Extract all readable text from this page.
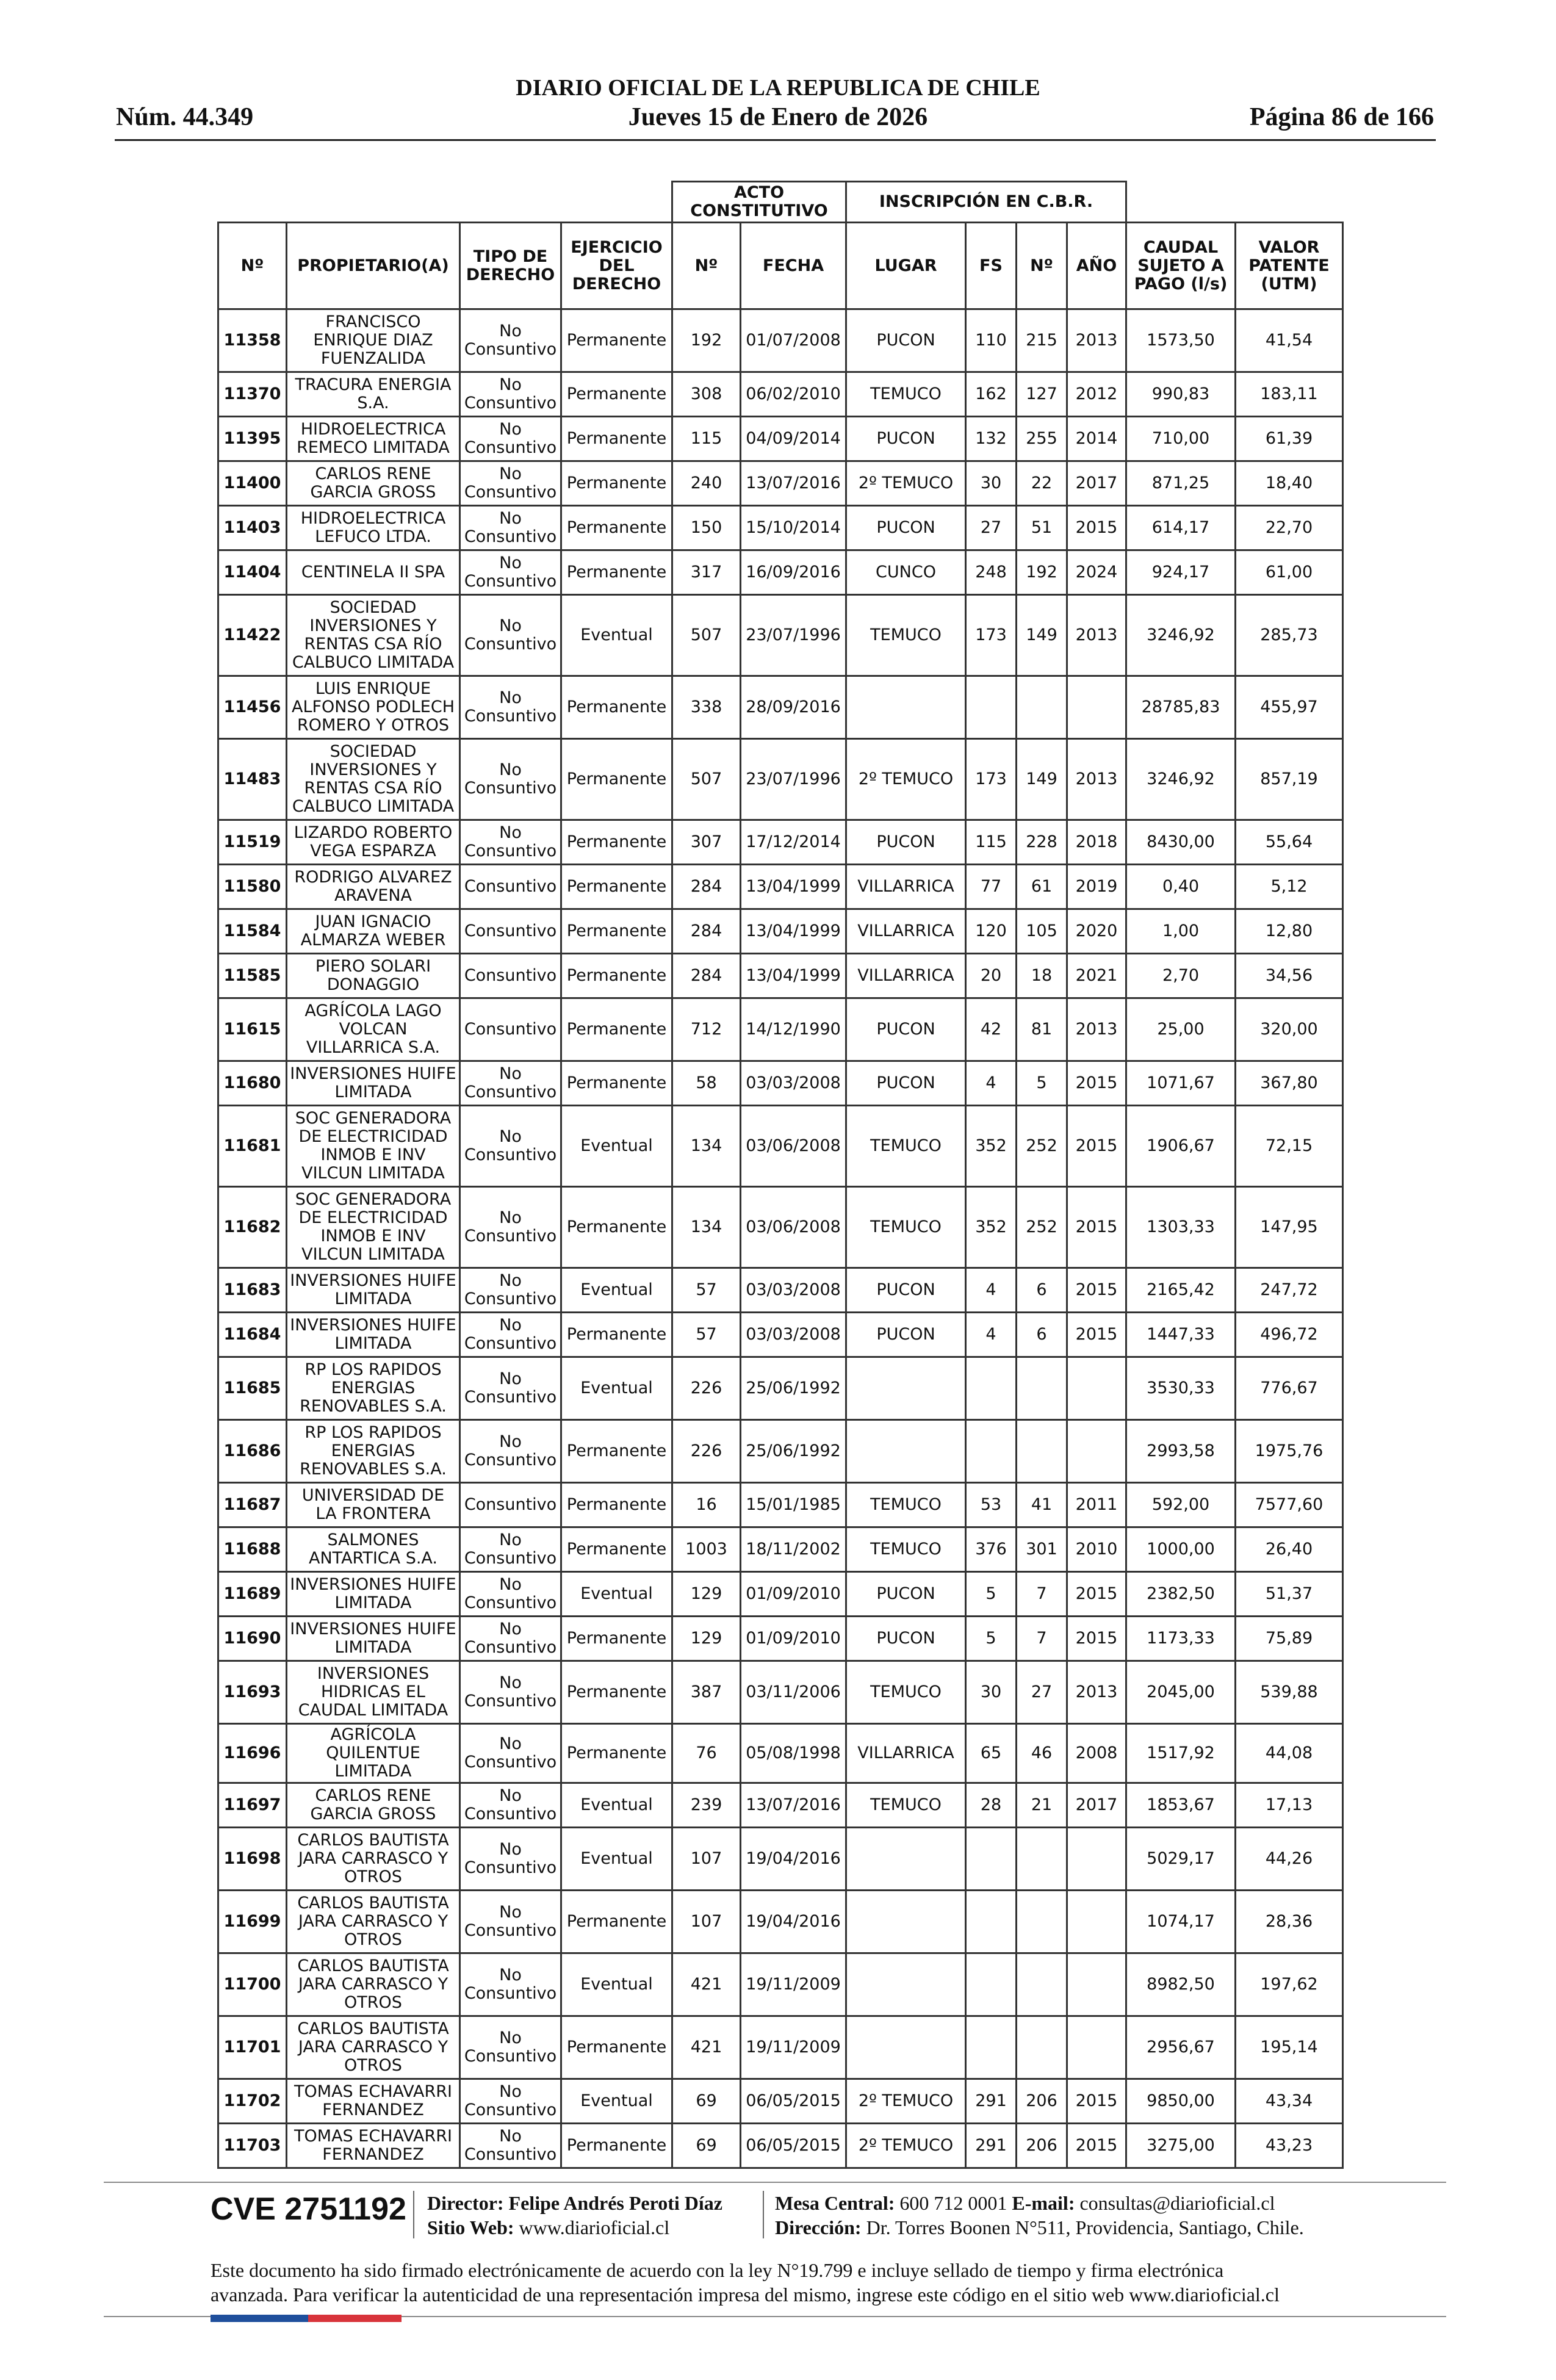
DIARIO OFICIAL DE LA REPUBLICA DE CHILE
Núm. 44.349	Jueves 15 de Enero de 2026	Página 86 de 166
				ACTO CONSTITUTIVO		INSCRIPCIÓN EN C.B.R.					
Nº	PROPIETARIO(A)	TIPO DE DERECHO	EJERCICIO DEL DERECHO	Nº	FECHA	LUGAR	FS	Nº	AÑO	CAUDAL SUJETO A PAGO (l/s)	VALOR PATENTE (UTM)
11358	FRANCISCO ENRIQUE DIAZ FUENZALIDA	No Consuntivo	Permanente	192	01/07/2008	PUCON	110	215	2013	1573,50	41,54
11370	TRACURA ENERGIA S.A.	No Consuntivo	Permanente	308	06/02/2010	TEMUCO	162	127	2012	990,83	183,11
11395	HIDROELECTRICA REMECO LIMITADA	No Consuntivo	Permanente	115	04/09/2014	PUCON	132	255	2014	710,00	61,39
11400	CARLOS RENE GARCIA GROSS	No Consuntivo	Permanente	240	13/07/2016	2º TEMUCO	30	22	2017	871,25	18,40
11403	HIDROELECTRICA LEFUCO LTDA.	No Consuntivo	Permanente	150	15/10/2014	PUCON	27	51	2015	614,17	22,70
11404	CENTINELA II SPA	No Consuntivo	Permanente	317	16/09/2016	CUNCO	248	192	2024	924,17	61,00
11422	SOCIEDAD INVERSIONES Y RENTAS CSA RÍO CALBUCO LIMITADA	No Consuntivo	Eventual	507	23/07/1996	TEMUCO	173	149	2013	3246,92	285,73
11456	LUIS ENRIQUE ALFONSO PODLECH ROMERO Y OTROS	No Consuntivo	Permanente	338	28/09/2016					28785,83	455,97
11483	SOCIEDAD INVERSIONES Y RENTAS CSA RÍO CALBUCO LIMITADA	No Consuntivo	Permanente	507	23/07/1996	2º TEMUCO	173	149	2013	3246,92	857,19
11519	LIZARDO ROBERTO VEGA ESPARZA	No Consuntivo	Permanente	307	17/12/2014	PUCON	115	228	2018	8430,00	55,64
11580	RODRIGO ALVAREZ ARAVENA	Consuntivo	Permanente	284	13/04/1999	VILLARRICA	77	61	2019	0,40	5,12
11584	JUAN IGNACIO ALMARZA WEBER	Consuntivo	Permanente	284	13/04/1999	VILLARRICA	120	105	2020	1,00	12,80
11585	PIERO SOLARI DONAGGIO	Consuntivo	Permanente	284	13/04/1999	VILLARRICA	20	18	2021	2,70	34,56
11615	AGRÍCOLA LAGO VOLCAN VILLARRICA S.A.	Consuntivo	Permanente	712	14/12/1990	PUCON	42	81	2013	25,00	320,00
11680	INVERSIONES HUIFE LIMITADA	No Consuntivo	Permanente	58	03/03/2008	PUCON	4	5	2015	1071,67	367,80
11681	SOC GENERADORA DE ELECTRICIDAD INMOB E INV VILCUN LIMITADA	No Consuntivo	Eventual	134	03/06/2008	TEMUCO	352	252	2015	1906,67	72,15
11682	SOC GENERADORA DE ELECTRICIDAD INMOB E INV VILCUN LIMITADA	No Consuntivo	Permanente	134	03/06/2008	TEMUCO	352	252	2015	1303,33	147,95
11683	INVERSIONES HUIFE LIMITADA	No Consuntivo	Eventual	57	03/03/2008	PUCON	4	6	2015	2165,42	247,72
11684	INVERSIONES HUIFE LIMITADA	No Consuntivo	Permanente	57	03/03/2008	PUCON	4	6	2015	1447,33	496,72
11685	RP LOS RAPIDOS ENERGIAS RENOVABLES S.A.	No Consuntivo	Eventual	226	25/06/1992					3530,33	776,67
11686	RP LOS RAPIDOS ENERGIAS RENOVABLES S.A.	No Consuntivo	Permanente	226	25/06/1992					2993,58	1975,76
11687	UNIVERSIDAD DE LA FRONTERA	Consuntivo	Permanente	16	15/01/1985	TEMUCO	53	41	2011	592,00	7577,60
11688	SALMONES ANTARTICA S.A.	No Consuntivo	Permanente	1003	18/11/2002	TEMUCO	376	301	2010	1000,00	26,40
11689	INVERSIONES HUIFE LIMITADA	No Consuntivo	Eventual	129	01/09/2010	PUCON	5	7	2015	2382,50	51,37
11690	INVERSIONES HUIFE LIMITADA	No Consuntivo	Permanente	129	01/09/2010	PUCON	5	7	2015	1173,33	75,89
11693	INVERSIONES HIDRICAS EL CAUDAL LIMITADA	No Consuntivo	Permanente	387	03/11/2006	TEMUCO	30	27	2013	2045,00	539,88
11696	AGRÍCOLA QUILENTUE LIMITADA	No Consuntivo	Permanente	76	05/08/1998	VILLARRICA	65	46	2008	1517,92	44,08
11697	CARLOS RENE GARCIA GROSS	No Consuntivo	Eventual	239	13/07/2016	TEMUCO	28	21	2017	1853,67	17,13
11698	CARLOS BAUTISTA JARA CARRASCO Y OTROS	No Consuntivo	Eventual	107	19/04/2016					5029,17	44,26
11699	CARLOS BAUTISTA JARA CARRASCO Y OTROS	No Consuntivo	Permanente	107	19/04/2016					1074,17	28,36
11700	CARLOS BAUTISTA JARA CARRASCO Y OTROS	No Consuntivo	Eventual	421	19/11/2009					8982,50	197,62
11701	CARLOS BAUTISTA JARA CARRASCO Y OTROS	No Consuntivo	Permanente	421	19/11/2009					2956,67	195,14
11702	TOMAS ECHAVARRI FERNANDEZ	No Consuntivo	Eventual	69	06/05/2015	2º TEMUCO	291	206	2015	9850,00	43,34
11703	TOMAS ECHAVARRI FERNANDEZ	No Consuntivo	Permanente	69	06/05/2015	2º TEMUCO	291	206	2015	3275,00	43,23
CVE 2751192 Director: Felipe Andrés Peroti Díaz
Sitio Web: www.diarioficial.cl
Mesa Central: 600 712 0001 E-mail: consultas@diarioficial.cl
Dirección: Dr. Torres Boonen N°511, Providencia, Santiago, Chile.
Este documento ha sido firmado electrónicamente de acuerdo con la ley N°19.799 e incluye sellado de tiempo y firma electrónica
avanzada. Para verificar la autenticidad de una representación impresa del mismo, ingrese este código en el sitio web www.diarioficial.cl
